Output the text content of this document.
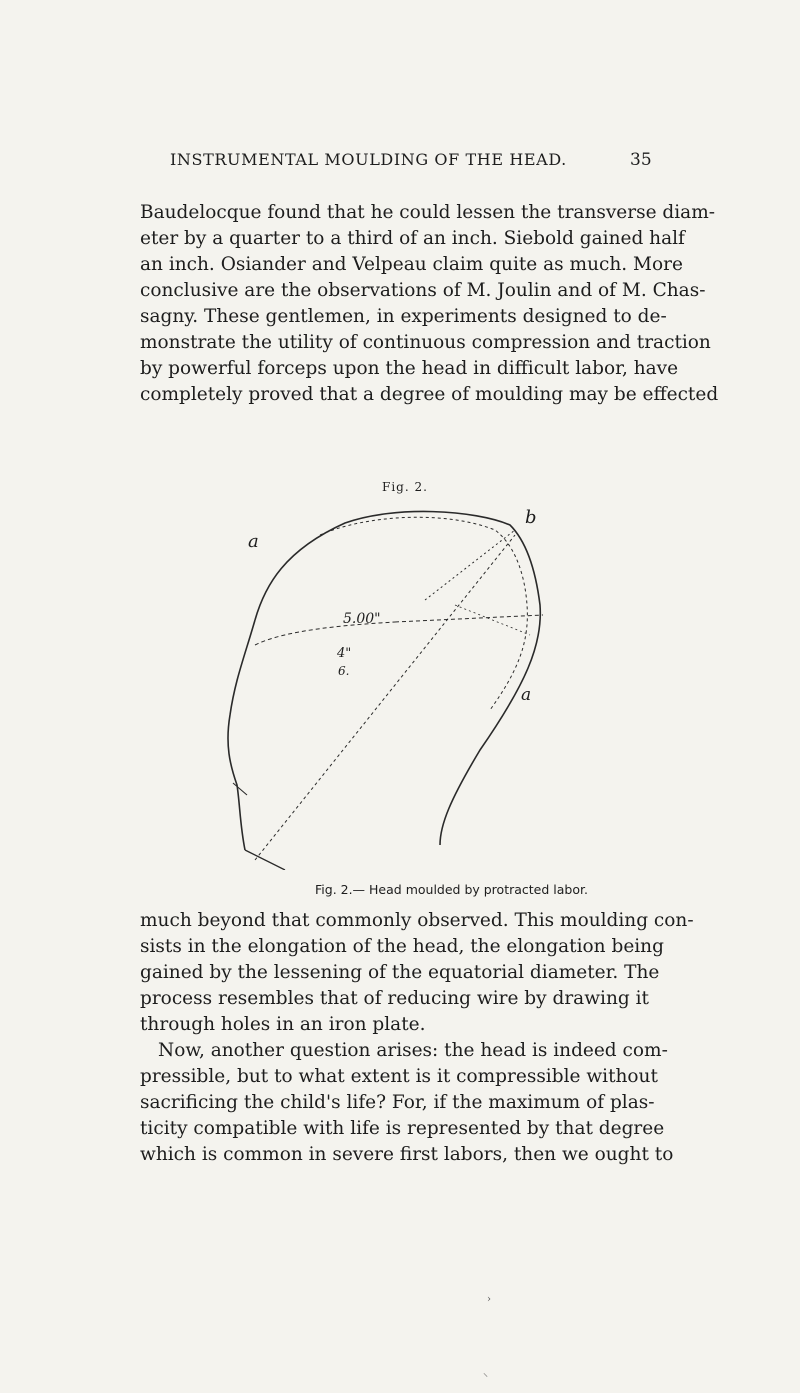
INSTRUMENTAL MOULDING OF THE HEAD.	35
Baudelocque found that he could lessen the transverse diam-
eter by a quarter to a third of an inch. Siebold gained half
an inch. Osiander and Velpeau claim quite as much. More
conclusive are the observations of M. Joulin and of M. Chas-
sagny. These gentlemen, in experiments designed to de-
monstrate the utility of continuous compression and traction
by powerful forceps upon the head in difficult labor, have
completely proved that a degree of moulding may be effected
Fig. 2.
a
b
a
5.00"
4"
6.
Fig. 2.— Head moulded by protracted labor.
much beyond that commonly observed. This moulding con-
sists in the elongation of the head, the elongation being
gained by the lessening of the equatorial diameter. The
process resembles that of reducing wire by drawing it
through holes in an iron plate.
Now, another question arises: the head is indeed com-
pressible, but to what extent is it compressible without
sacrificing the child's life? For, if the maximum of plas-
ticity compatible with life is represented by that degree
which is common in severe first labors, then we ought to
›
⸜
